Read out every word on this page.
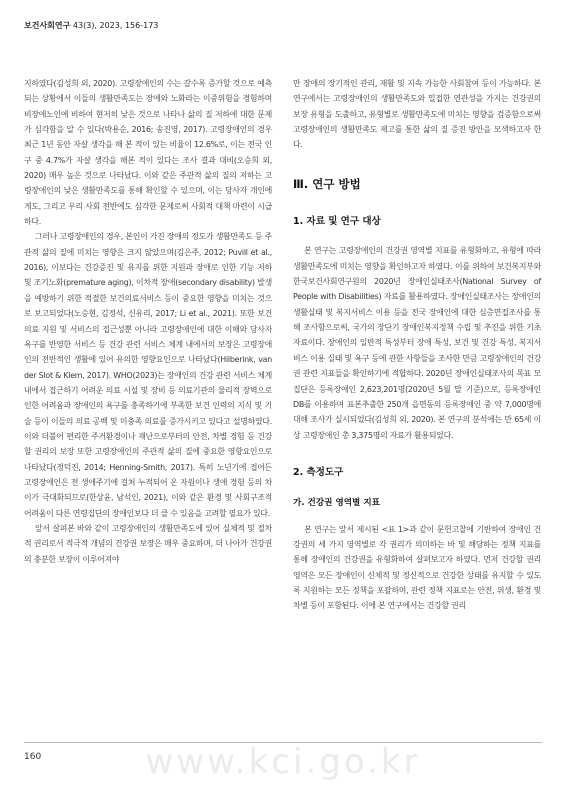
보건사회연구 43(3), 2023, 156-173

지하였다(김성희 외, 2020). 고령장애인의 수는 갈수록 증가할 것으로 예측되는 상황에서 이들의 생활만족도는 장애와 노화라는 이중위험을 경험하며 비장애노인에 비하여 현저히 낮은 것으로 나타나 삶의 질 저하에 대한 문제가 심각함을 알 수 있다(박용순, 2016; 송진영, 2017). 고령장애인의 경우 최근 1년 동안 자살 생각을 해 본 적이 있는 비율이 12.6%로, 이는 전국 인구 중 4.7%가 자살 생각을 해본 적이 있다는 조사 결과 대비(오승희 외, 2020) 매우 높은 것으로 나타났다. 이와 같은 주관적 삶의 질의 저하는 고령장애인의 낮은 생활만족도를 통해 확인할 수 있으며, 이는 당사자 개인에게도, 그리고 우리 사회 전반에도 심각한 문제로써 사회적 대책 마련이 시급하다.

그러나 고령장애인의 경우, 본인이 가진 장애의 정도가 생활만족도 등 주관적 삶의 질에 미치는 영향은 크지 않았으며(김은주, 2012; Puvill et al., 2016), 이보다는 건강증진 및 유지를 위한 지원과 장애로 인한 기능 저하 및 조기노화(premature aging), 이차적 장애(secondary disability) 발생을 예방하기 위한 적절한 보건의료서비스 등이 중요한 영향을 미치는 것으로 보고되었다(노승현, 김정석, 신유리, 2017; Li et al., 2021). 또한 보건의료 지원 및 서비스의 접근성뿐 아니라 고령장애인에 대한 이해와 당사자 욕구를 반영한 서비스 등 건강 관련 서비스 체계 내에서의 보장은 고령장애인의 전반적인 생활에 있어 유의한 영향요인으로 나타났다(Hilberink, van der Slot & Klem, 2017). WHO(2023)는 장애인의 건강 관련 서비스 체계 내에서 접근하기 어려운 의료 시설 및 장비 등 의료기관의 물리적 장벽으로 인한 어려움과 장애인의 욕구를 충족하기에 부족한 보건 인력의 지식 및 기술 등이 이들의 의료 공백 및 미충족 의료를 증가시키고 있다고 설명하였다. 이와 더불어 편리한 주거환경이나 재난으로부터의 안전, 차별 경험 등 건강할 권리의 보장 또한 고령장애인의 주관적 삶의 질에 중요한 영향요인으로 나타났다(정덕진, 2014; Henning-Smith, 2017). 특히 노년기에 접어든 고령장애인은 전 생애주기에 걸쳐 누적되어 온 자원이나 생애 경험 등의 차이가 극대화되므로(한상윤, 남석인, 2021), 이와 같은 환경 및 사회구조적 어려움이 다른 연령집단의 장애인보다 더 클 수 있음을 고려할 필요가 있다.

앞서 살펴본 바와 같이 고령장애인의 생활만족도에 있어 실체적 및 절차적 권리로서 적극적 개념의 건강권 보장은 매우 중요하며, 더 나아가 건강권의 충분한 보장이 이루어져야

만 장애의 장기적인 관리, 재활 및 지속 가능한 사회참여 등이 가능하다. 본 연구에서는 고령장애인의 생활만족도와 밀접한 연관성을 가지는 건강권의 보장 유형을 도출하고, 유형별로 생활만족도에 미치는 영향을 검증함으로써 고령장애인의 생활만족도 제고를 통한 삶의 질 증진 방안을 모색하고자 한다.

Ⅲ. 연구 방법
1. 자료 및 연구 대상

본 연구는 고령장애인의 건강권 영역별 지표를 유형화하고, 유형에 따라 생활만족도에 미치는 영향을 확인하고자 하였다. 이를 위하여 보건복지부와 한국보건사회연구원의 2020년 장애인실태조사(National Survey of People with Disabilities) 자료를 활용하였다. 장애인실태조사는 장애인의 생활실태 및 복지서비스 이용 등을 전국 장애인에 대한 심층면접조사를 통해 조사함으로써, 국가의 장단기 장애인복지정책 수립 및 추진을 위한 기초 자료이다. 장애인의 일반적 특성부터 장애 특성, 보건 및 건강 특성, 복지서비스 이용 실태 및 욕구 등에 관한 사항들을 조사한 만큼 고령장애인의 건강권 관련 지표들을 확인하기에 적합하다. 2020년 장애인실태조사의 목표 모집단은 등록장애인 2,623,201명(2020년 5월 말 기준)으로, 등록장애인 DB를 이용하여 표본추출한 250개 읍면동의 등록장애인 중 약 7,000명에 대해 조사가 실시되었다(김성희 외, 2020). 본 연구의 분석에는 만 65세 이상 고령장애인 총 3,375명의 자료가 활용되었다.

2. 측정도구
가. 건강권 영역별 지표

본 연구는 앞서 제시된 <표 1>과 같이 문헌고찰에 기반하여 장애인 건강권의 세 가지 영역별로 각 권리가 의미하는 바 및 해당하는 정책 지표를 통해 장애인의 건강권을 유형화하여 살펴보고자 하였다. 먼저 건강할 권리 영역은 모든 장애인이 신체적 및 정신적으로 건강한 상태를 유지할 수 있도록 지원하는 모든 정책을 포괄하며, 관련 정책 지표로는 안전, 위생, 환경 및 차별 등이 포함된다. 이에 본 연구에서는 건강할 권리

www.kci.go.kr
160
